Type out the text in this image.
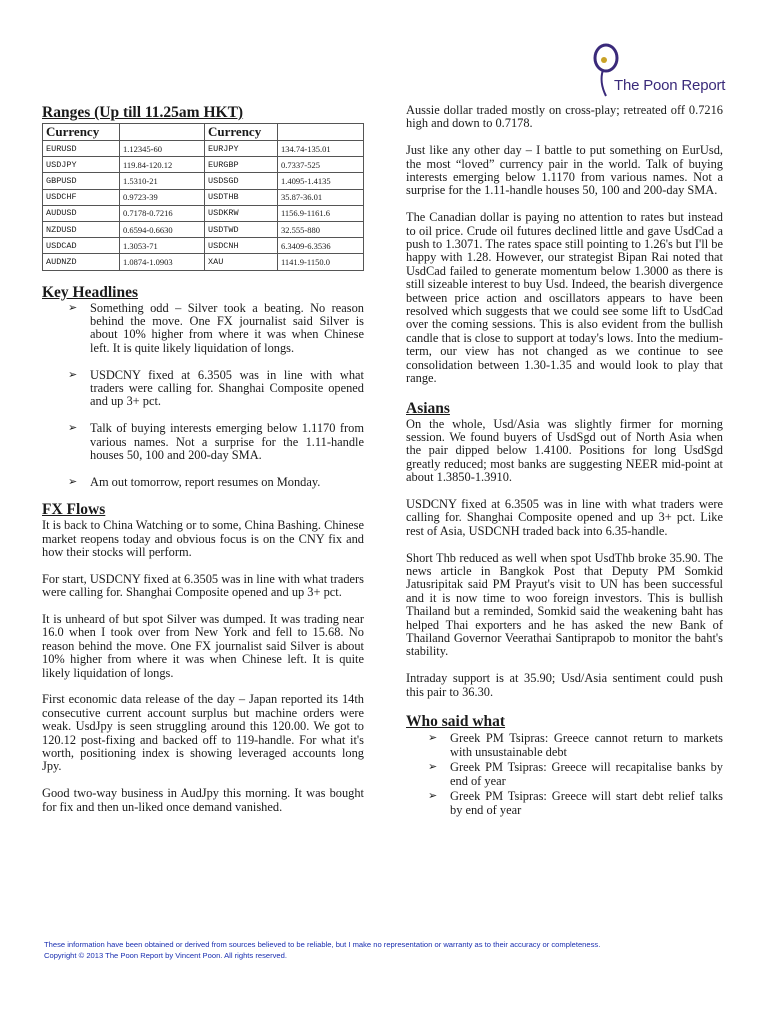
The Poon Report
Ranges (Up till 11.25am HKT)
Currency		Currency	
EURUSD	1.12345-60	EURJPY	134.74-135.01
USDJPY	119.84-120.12	EURGBP	0.7337-525
GBPUSD	1.5310-21	USDSGD	1.4095-1.4135
USDCHF	0.9723-39	USDTHB	35.87-36.01
AUDUSD	0.7178-0.7216	USDKRW	1156.9-1161.6
NZDUSD	0.6594-0.6630	USDTWD	32.555-880
USDCAD	1.3053-71	USDCNH	6.3409-6.3536
AUDNZD	1.0874-1.0903	XAU	1141.9-1150.0
Key Headlines
➢ Something odd – Silver took a beating. No reason behind the move. One FX journalist said Silver is about 10% higher from where it was when Chinese left. It is quite likely liquidation of longs.
➢ USDCNY fixed at 6.3505 was in line with what traders were calling for. Shanghai Composite opened and up 3+ pct.
➢ Talk of buying interests emerging below 1.1170 from various names. Not a surprise for the 1.11-handle houses 50, 100 and 200-day SMA.
➢ Am out tomorrow, report resumes on Monday.
FX Flows

It is back to China Watching or to some, China Bashing. Chinese market reopens today and obvious focus is on the CNY fix and how their stocks will perform.

For start, USDCNY fixed at 6.3505 was in line with what traders were calling for. Shanghai Composite opened and up 3+ pct.

It is unheard of but spot Silver was dumped. It was trading near 16.0 when I took over from New York and fell to 15.68. No reason behind the move. One FX journalist said Silver is about 10% higher from where it was when Chinese left. It is quite likely liquidation of longs.

First economic data release of the day – Japan reported its 14th consecutive current account surplus but machine orders were weak. UsdJpy is seen struggling around this 120.00. We got to 120.12 post-fixing and backed off to 119-handle. For what it's worth, positioning index is showing leveraged accounts long Jpy.

Good two-way business in AudJpy this morning. It was bought for fix and then un-liked once demand vanished.

Aussie dollar traded mostly on cross-play; retreated off 0.7216 high and down to 0.7178.

Just like any other day – I battle to put something on EurUsd, the most “loved” currency pair in the world. Talk of buying interests emerging below 1.1170 from various names. Not a surprise for the 1.11-handle houses 50, 100 and 200-day SMA.

The Canadian dollar is paying no attention to rates but instead to oil price. Crude oil futures declined little and gave UsdCad a push to 1.3071. The rates space still pointing to 1.26's but I'll be happy with 1.28. However, our strategist Bipan Rai noted that UsdCad failed to generate momentum below 1.3000 as there is still sizeable interest to buy Usd. Indeed, the bearish divergence between price action and oscillators appears to have been resolved which suggests that we could see some lift to UsdCad over the coming sessions. This is also evident from the bullish candle that is close to support at today's lows. Into the medium-term, our view has not changed as we continue to see consolidation between 1.30-1.35 and would look to play that range.

Asians

On the whole, Usd/Asia was slightly firmer for morning session. We found buyers of UsdSgd out of North Asia when the pair dipped below 1.4100. Positions for long UsdSgd greatly reduced; most banks are suggesting NEER mid-point at about 1.3850-1.3910.

USDCNY fixed at 6.3505 was in line with what traders were calling for. Shanghai Composite opened and up 3+ pct. Like rest of Asia, USDCNH traded back into 6.35-handle.

Short Thb reduced as well when spot UsdThb broke 35.90. The news article in Bangkok Post that Deputy PM Somkid Jatusripitak said PM Prayut's visit to UN has been successful and it is now time to woo foreign investors. This is bullish Thailand but a reminded, Somkid said the weakening baht has helped Thai exporters and he has asked the new Bank of Thailand Governor Veerathai Santiprapob to monitor the baht's stability.

Intraday support is at 35.90; Usd/Asia sentiment could push this pair to 36.30.

Who said what
➢ Greek PM Tsipras: Greece cannot return to markets with unsustainable debt
➢ Greek PM Tsipras: Greece will recapitalise banks by end of year
➢ Greek PM Tsipras: Greece will start debt relief talks by end of year
These information have been obtained or derived from sources believed to be reliable, but I make no representation or warranty as to their accuracy or completeness.
Copyright © 2013 The Poon Report by Vincent Poon. All rights reserved.
